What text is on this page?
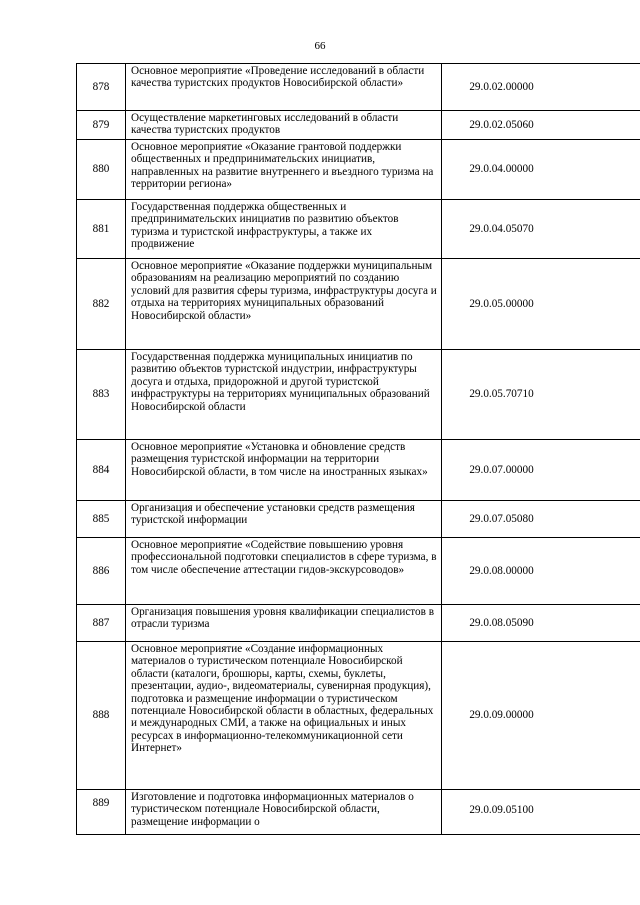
66
878	Основное мероприятие «Проведение исследований в области качества туристских продуктов Новосибирской области»	29.0.02.00000
879	Осуществление маркетинговых исследований в области качества туристских продуктов	29.0.02.05060
880	Основное мероприятие «Оказание грантовой поддержки общественных и предпринимательских инициатив, направленных на развитие внутреннего и въездного туризма на территории региона»	29.0.04.00000
881	Государственная поддержка общественных и предпринимательских инициатив по развитию объектов туризма и туристской инфраструктуры, а также их продвижение	29.0.04.05070
882	Основное мероприятие «Оказание поддержки муниципальным образованиям на реализацию мероприятий по созданию условий для развития сферы туризма, инфраструктуры досуга и отдыха на территориях муниципальных образований Новосибирской области»	29.0.05.00000
883	Государственная поддержка муниципальных инициатив по развитию объектов туристской индустрии, инфраструктуры досуга и отдыха, придорожной и другой туристской инфраструктуры на территориях муниципальных образований Новосибирской области	29.0.05.70710
884	Основное мероприятие «Установка и обновление средств размещения туристской информации на территории Новосибирской области, в том числе на иностранных языках»	29.0.07.00000
885	Организация и обеспечение установки средств размещения туристской информации	29.0.07.05080
886	Основное мероприятие «Содействие повышению уровня профессиональной подготовки специалистов в сфере туризма, в том числе обеспечение аттестации гидов-экскурсоводов»	29.0.08.00000
887	Организация повышения уровня квалификации специалистов в отрасли туризма	29.0.08.05090
888	Основное мероприятие «Создание информационных материалов о туристическом потенциале Новосибирской области (каталоги, брошюры, карты, схемы, буклеты, презентации, аудио-, видеоматериалы, сувенирная продукция), подготовка и размещение информации о туристическом потенциале Новосибирской области в областных, федеральных и международных СМИ, а также на официальных и иных ресурсах в информационно-телекоммуникационной сети Интернет»	29.0.09.00000
889	Изготовление и подготовка информационных материалов о туристическом потенциале Новосибирской области, размещение информации о	29.0.09.05100
